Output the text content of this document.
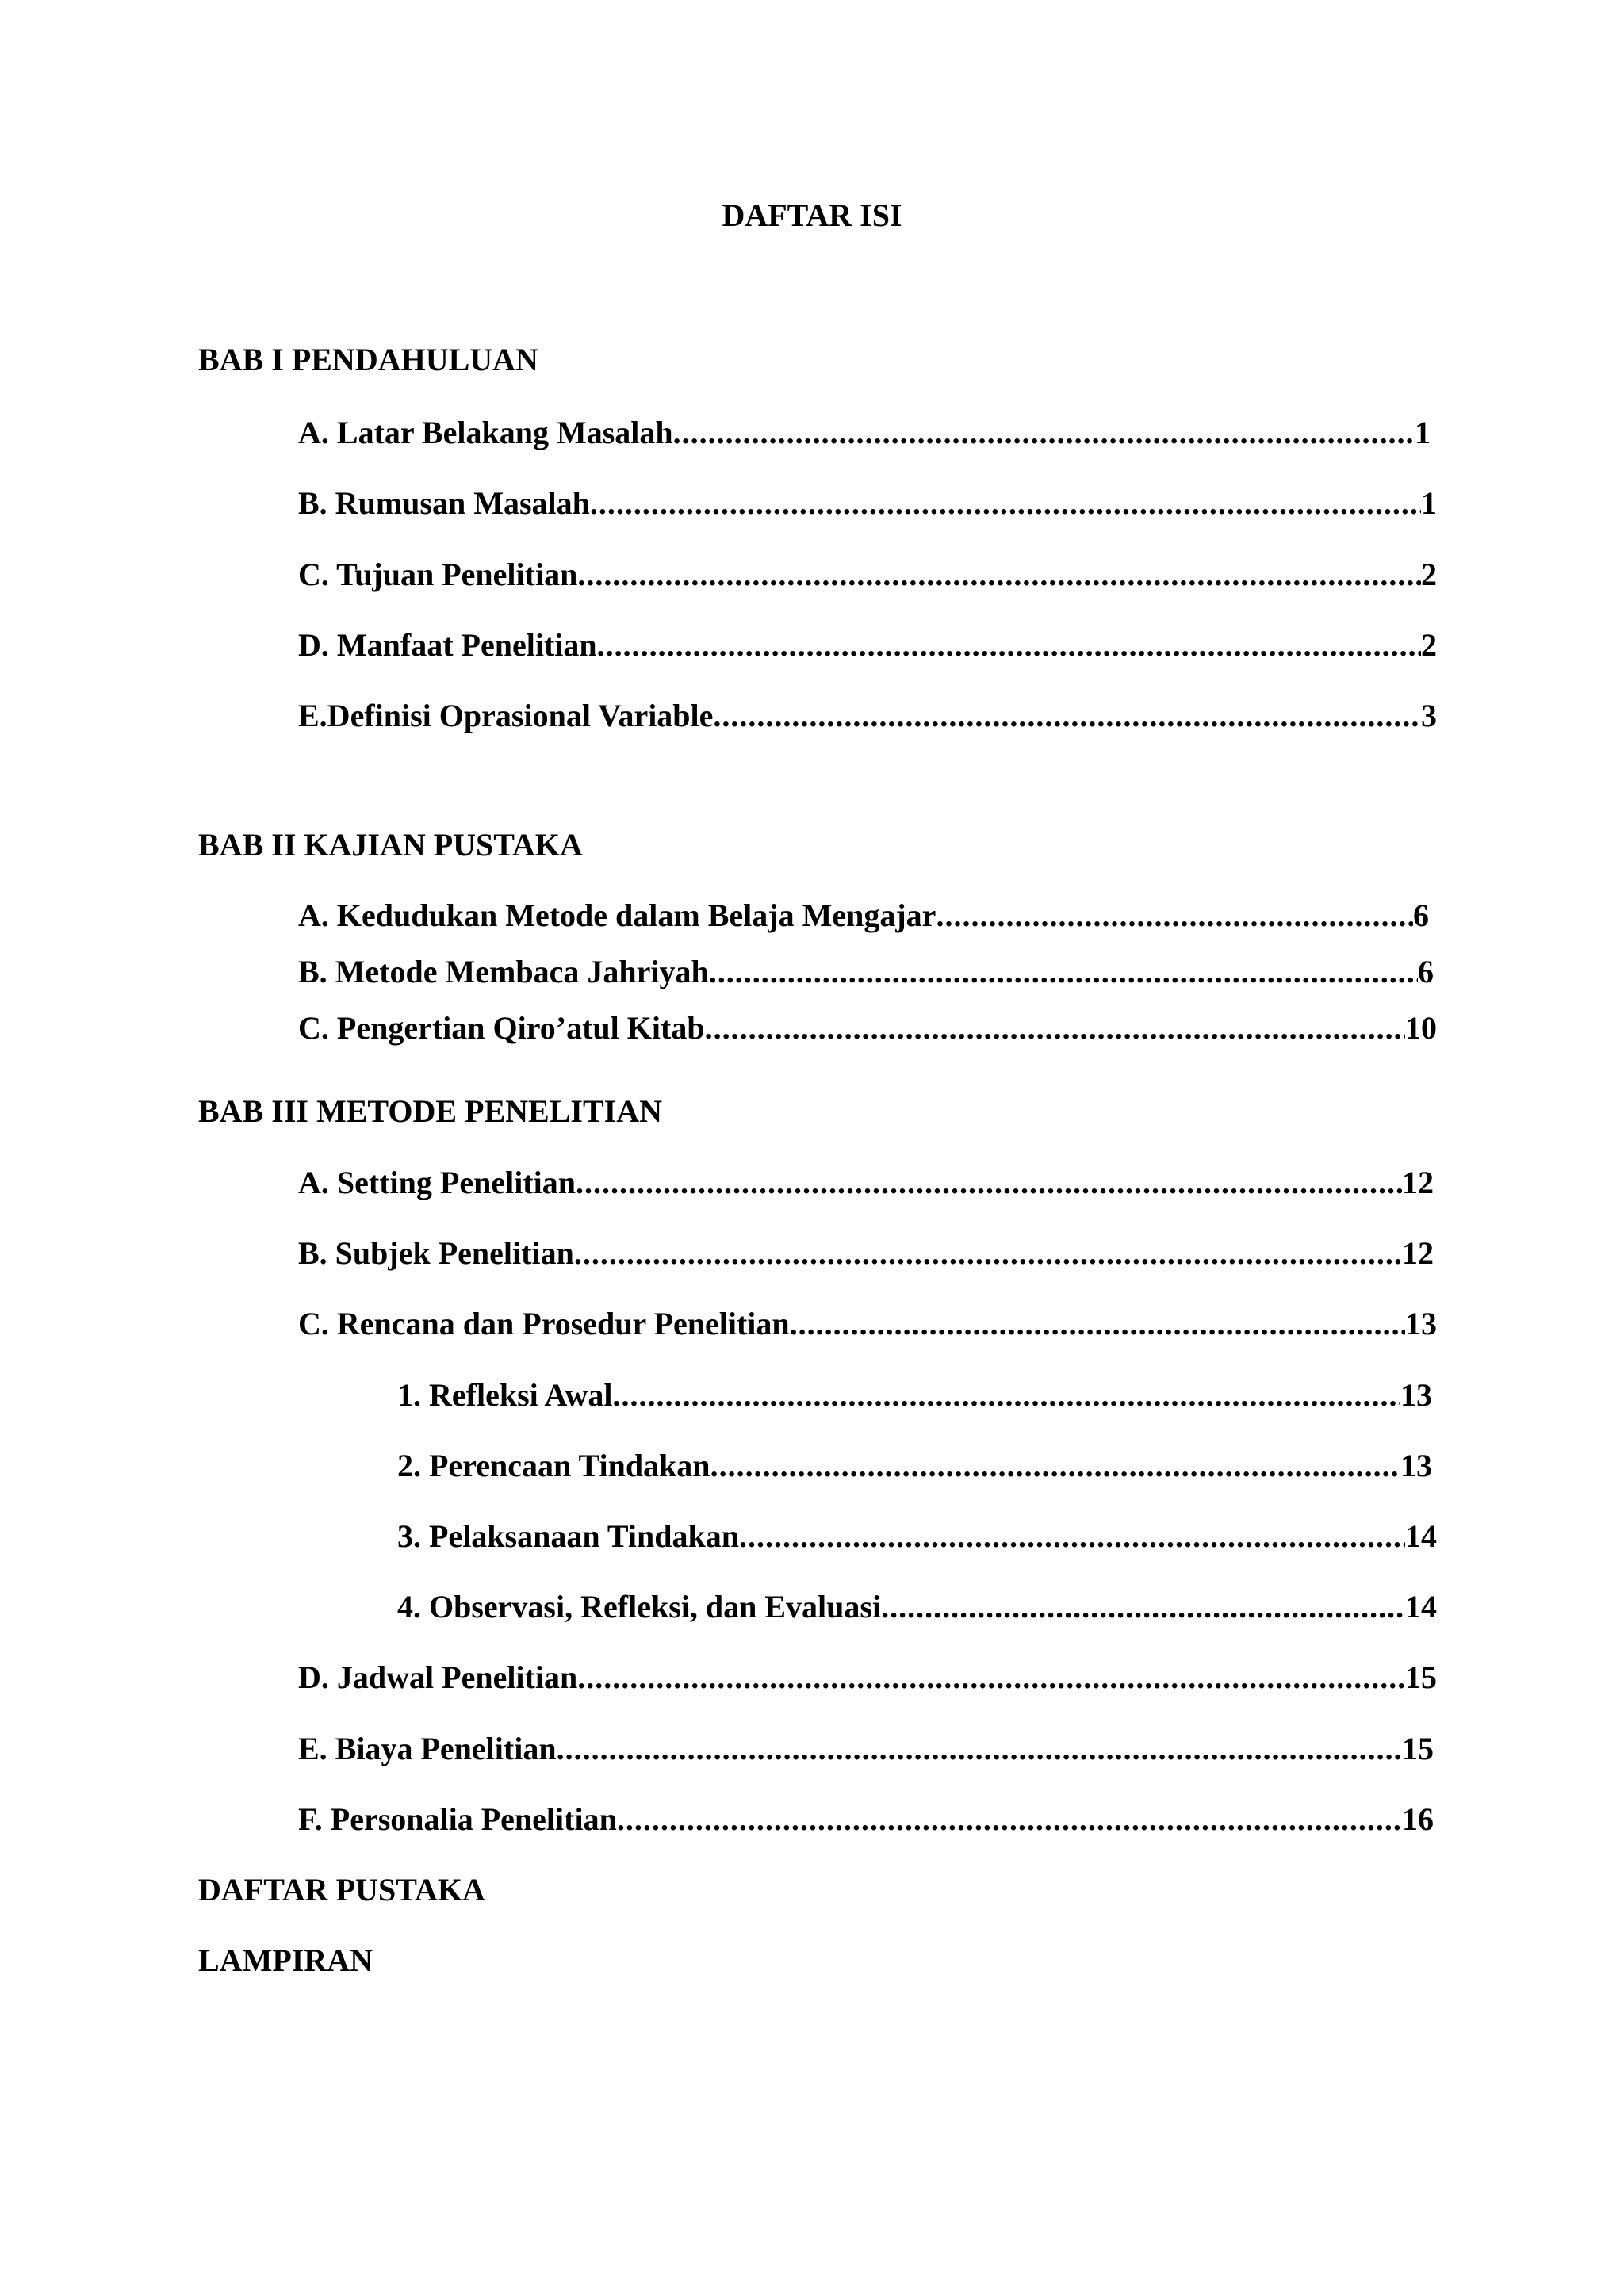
DAFTAR ISI
BAB I PENDAHULUAN
A. Latar Belakang Masalah .....	1
B. Rumusan Masalah .....	1
C. Tujuan Penelitian .....	2
D. Manfaat Penelitian .....	2
E.Definisi Oprasional Variable .....	3
BAB II KAJIAN PUSTAKA
A. Kedudukan Metode dalam Belaja Mengajar .....	6
B. Metode Membaca Jahriyah .....	6
C. Pengertian Qiro’atul Kitab .....	10
BAB III METODE PENELITIAN
A. Setting Penelitian .....	12
B. Subjek Penelitian .....	12
C. Rencana dan Prosedur Penelitian .....	13
1. Refleksi Awal .....	13
2. Perencaan Tindakan .....	13
3. Pelaksanaan Tindakan .....	14
4. Observasi, Refleksi, dan Evaluasi .....	14
D. Jadwal Penelitian .....	15
E. Biaya Penelitian .....	15
F. Personalia Penelitian .....	16
DAFTAR PUSTAKA
LAMPIRAN
